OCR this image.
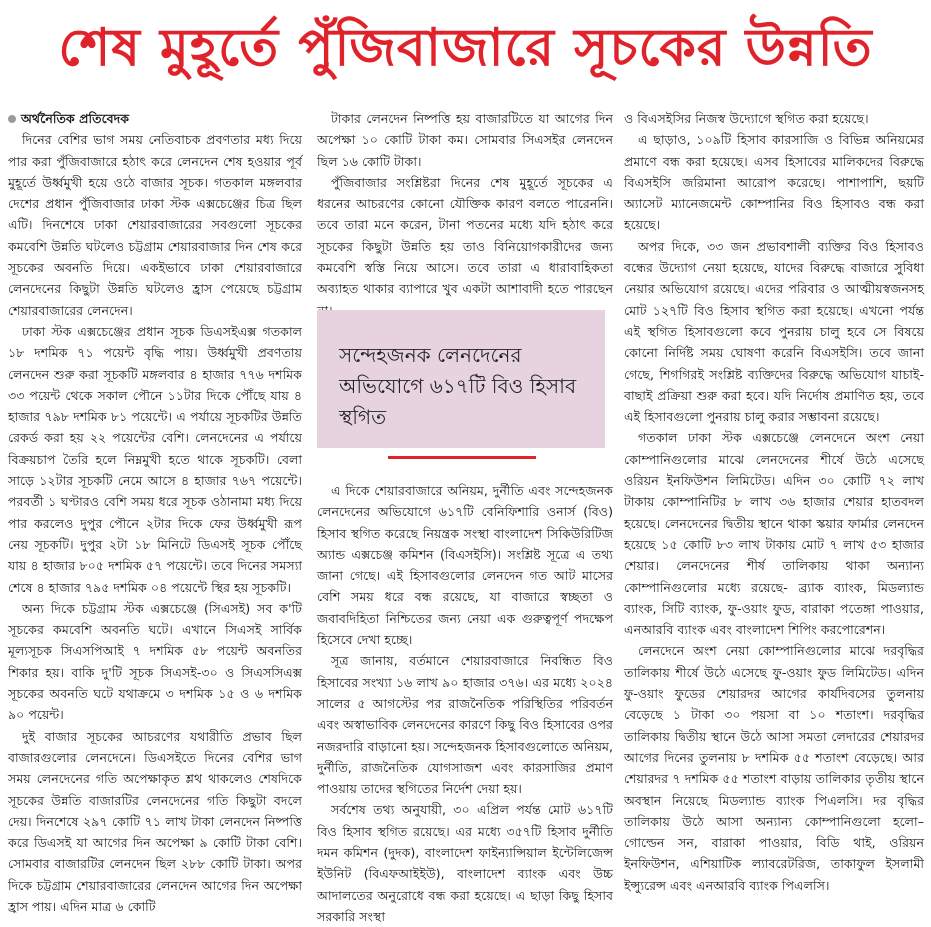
শেষ মুহূর্তে পুঁজিবাজারে সূচকের উন্নতি
অর্থনৈতিক প্রতিবেদক

দিনের বেশির ভাগ সময় নেতিবাচক প্রবণতার মধ্য দিয়ে পার করা পুঁজিবাজারে হঠাৎ করে লেনদেন শেষ হওয়ার পূর্ব মুহূর্তে উর্ধ্বমুখী হয়ে ওঠে বাজার সূচক। গতকাল মঙ্গলবার দেশের প্রধান পুঁজিবাজার ঢাকা স্টক এক্সচেঞ্জের চিত্র ছিল এটি। দিনশেষে ঢাকা শেয়ারবাজারের সবগুলো সূচকের কমবেশি উন্নতি ঘটলেও চট্টগ্রাম শেয়ারবাজার দিন শেষ করে সূচকের অবনতি দিয়ে। একইভাবে ঢাকা শেয়ারবাজারে লেনদেনের কিছুটা উন্নতি ঘটলেও হ্রাস পেয়েছে চট্টগ্রাম শেয়ারবাজারের লেনদেন।

ঢাকা স্টক এক্সচেঞ্জের প্রধান সূচক ডিএসইএক্স গতকাল ১৮ দশমিক ৭১ পয়েন্ট বৃদ্ধি পায়। উর্ধ্বমুখী প্রবণতায় লেনদেন শুরু করা সূচকটি মঙ্গলবার ৪ হাজার ৭৭৬ দশমিক ৩৩ পয়েন্ট থেকে সকাল পৌনে ১১টার দিকে পৌঁছে যায় ৪ হাজার ৭৯৮ দশমিক ৮১ পয়েন্টে। এ পর্যায়ে সূচকটির উন্নতি রেকর্ড করা হয় ২২ পয়েন্টের বেশি। লেনদেনের এ পর্যায়ে বিক্রয়চাপ তৈরি হলে নিম্নমুখী হতে থাকে সূচকটি। বেলা সাড়ে ১২টার সূচকটি নেমে আসে ৪ হাজার ৭৬৭ পয়েন্টে। পরবর্তী ১ ঘণ্টারও বেশি সময় ধরে সূচক ওঠানামা মধ্য দিয়ে পার করলেও দুপুর পৌনে ২টার দিকে ফের উর্ধ্বমুখী রূপ নেয় সূচকটি। দুপুর ২টা ১৮ মিনিটে ডিএসই সূচক পৌঁছে যায় ৪ হাজার ৮০৫ দশমিক ৫৭ পয়েন্টে। তবে দিনের সমস্যা শেষে ৪ হাজার ৭৯৫ দশমিক ০৪ পয়েন্টে স্থির হয় সূচকটি।

অন্য দিকে চট্টগ্রাম স্টক এক্সচেঞ্জে (সিএসই) সব ক'টি সূচকের কমবেশি অবনতি ঘটে। এখানে সিএসই সার্বিক মূল্যসূচক সিএসপিআই ৭ দশমিক ৫৮ পয়েন্ট অবনতির শিকার হয়। বাকি দু'টি সূচক সিএসই-৩০ ও সিএসসিএক্স সূচকের অবনতি ঘটে যথাক্রমে ৩ দশমিক ১৫ ও ৬ দশমিক ৯০ পয়েন্ট।

দুই বাজার সূচকের আচরণের যথারীতি প্রভাব ছিল বাজারগুলোর লেনদেনে। ডিএসইতে দিনের বেশির ভাগ সময় লেনদেনের গতি অপেক্ষাকৃত শ্লথ থাকলেও শেষদিকে সূচকের উন্নতি বাজারটির লেনদেনের গতি কিছুটা বদলে দেয়। দিনশেষে ২৯৭ কোটি ৭১ লাখ টাকা লেনদেন নিষ্পত্তি করে ডিএসই যা আগের দিন অপেক্ষা ৯ কোটি টাকা বেশি। সোমবার বাজারটির লেনদেন ছিল ২৮৮ কোটি টাকা। অপর দিকে চট্টগ্রাম শেয়ারবাজারের লেনদেন আগের দিন অপেক্ষা হ্রাস পায়। এদিন মাত্র ৬ কোটি

টাকার লেনদেন নিষ্পত্তি হয় বাজারটিতে যা আগের দিন অপেক্ষা ১০ কোটি টাকা কম। সোমবার সিএসইর লেনদেন ছিল ১৬ কোটি টাকা।

পুঁজিবাজার সংশ্লিষ্টরা দিনের শেষ মুহূর্তে সূচকের এ ধরনের আচরণের কোনো যৌক্তিক কারণ বলতে পারেননি। তবে তারা মনে করেন, টানা পতনের মধ্যে যদি হঠাৎ করে সূচকের কিছুটা উন্নতি হয় তাও বিনিয়োগকারীদের জন্য কমবেশি স্বস্তি নিয়ে আসে। তবে তারা এ ধারাবাহিকতা অব্যাহত থাকার ব্যাপারে খুব একটা আশাবাদী হতে পারছেন

এ দিকে শেয়ারবাজারে অনিয়ম, দুর্নীতি এবং সন্দেহজনক লেনদেনের অভিযোগে ৬১৭টি বেনিফিশারি ওনার্স (বিও) হিসাব স্থগিত করেছে নিয়ন্ত্রক সংস্থা বাংলাদেশ সিকিউরিটিজ অ্যান্ড এক্সচেঞ্জ কমিশন (বিএসইসি)। সংশ্লিষ্ট সূত্রে এ তথ্য জানা গেছে। এই হিসাবগুলোর লেনদেন গত আট মাসের বেশি সময় ধরে বন্ধ রয়েছে, যা বাজারে স্বচ্ছতা ও জবাবদিহিতা নিশ্চিতের জন্য নেয়া এক গুরুত্বপূর্ণ পদক্ষেপ হিসেবে দেখা হচ্ছে।

সূত্র জানায়, বর্তমানে শেয়ারবাজারে নিবন্ধিত বিও হিসাবের সংখ্যা ১৬ লাখ ৯০ হাজার ৩৭৬। এর মধ্যে ২০২৪ সালের ৫ আগস্টের পর রাজনৈতিক পরিস্থিতির পরিবর্তন এবং অস্বাভাবিক লেনদেনের কারণে কিছু বিও হিসাবের ওপর নজরদারি বাড়ানো হয়। সন্দেহজনক হিসাবগুলোতে অনিয়ম, দুর্নীতি, রাজনৈতিক যোগসাজশ এবং কারসাজির প্রমাণ পাওয়ায় তাদের স্থগিতের নির্দেশ দেয়া হয়।

সর্বশেষ তথ্য অনুযায়ী, ৩০ এপ্রিল পর্যন্ত মোট ৬১৭টি বিও হিসাব স্থগিত রয়েছে। এর মধ্যে ৩৫৭টি হিসাব দুর্নীতি দমন কমিশন (দুদক), বাংলাদেশ ফাইন্যান্সিয়াল ইন্টেলিজেন্স ইউনিট (বিএফআইইউ), বাংলাদেশ ব্যাংক এবং উচ্চ আদালতের অনুরোধে বন্ধ করা হয়েছে। এ ছাড়া কিছু হিসাব সরকারি সংস্থা

সন্দেহজনক লেনদেনের অভিযোগে ৬১৭টি বিও হিসাব স্থগিত

ও বিএসইসির নিজস্ব উদ্যোগে স্থগিত করা হয়েছে।

এ ছাড়াও, ১০৯টি হিসাব কারসাজি ও বিভিন্ন অনিয়মের প্রমাণে বন্ধ করা হয়েছে। এসব হিসাবের মালিকদের বিরুদ্ধে বিএসইসি জরিমানা আরোপ করেছে। পাশাপাশি, ছয়টি অ্যাসেট ম্যানেজমেন্ট কোম্পানির বিও হিসাবও বন্ধ করা হয়েছে।

অপর দিকে, ৩৩ জন প্রভাবশালী ব্যক্তির বিও হিসাবও বন্ধের উদ্যোগ নেয়া হয়েছে, যাদের বিরুদ্ধে বাজারে সুবিধা নেয়ার অভিযোগ রয়েছে। এদের পরিবার ও আত্মীয়স্বজনসহ মোট ১২৭টি বিও হিসাব স্থগিত করা হয়েছে। এখনো পর্যন্ত এই স্থগিত হিসাবগুলো কবে পুনরায় চালু হবে সে বিষয়ে কোনো নির্দিষ্ট সময় ঘোষণা করেনি বিএসইসি। তবে জানা গেছে, শিগগিরই সংশ্লিষ্ট ব্যক্তিদের বিরুদ্ধে অভিযোগ যাচাই-বাছাই প্রক্রিয়া শুরু করা হবে। যদি নির্দোষ প্রমাণিত হয়, তবে এই হিসাবগুলো পুনরায় চালু করার সম্ভাবনা রয়েছে।

গতকাল ঢাকা স্টক এক্সচেঞ্জে লেনদেনে অংশ নেয়া কোম্পানিগুলোর মাঝে লেনদেনের শীর্ষে উঠে এসেছে ওরিয়ন ইনফিউশন লিমিটেড। এদিন ৩০ কোটি ৭২ লাখ টাকায় কোম্পানিটির ৮ লাখ ৩৬ হাজার শেয়ার হাতবদল হয়েছে। লেনদেনের দ্বিতীয় স্থানে থাকা স্কয়ার ফার্মার লেনদেন হয়েছে ১৫ কোটি ৮৩ লাখ টাকায় মোট ৭ লাখ ৫৩ হাজার শেয়ার। লেনদেনের শীর্ষ তালিকায় থাকা অন্যান্য কোম্পানিগুলোর মধ্যে রয়েছে- ব্র্যাক ব্যাংক, মিডল্যান্ড ব্যাংক, সিটি ব্যাংক, ফু-ওয়াং ফুড, বারাকা পতেঙ্গা পাওয়ার, এনআরবি ব্যাংক এবং বাংলাদেশ শিপিং করপোরেশন।

লেনদেনে অংশ নেয়া কোম্পানিগুলোর মাঝে দরবৃদ্ধির তালিকায় শীর্ষে উঠে এসেছে ফু-ওয়াং ফুড লিমিটেড। এদিন ফু-ওয়াং ফুডের শেয়ারদর আগের কার্যদিবসের তুলনায় বেড়েছে ১ টাকা ৩০ পয়সা বা ১০ শতাংশ। দরবৃদ্ধির তালিকায় দ্বিতীয় স্থানে উঠে আসা সমতা লেদারের শেয়ারদর আগের দিনের তুলনায় ৮ দশমিক ৫৫ শতাংশ বেড়েছে। আর শেয়ারদর ৭ দশমিক ৫৫ শতাংশ বাড়ায় তালিকার তৃতীয় স্থানে অবস্থান নিয়েছে মিডল্যান্ড ব্যাংক পিএলসি। দর বৃদ্ধির তালিকায় উঠে আসা অন্যান্য কোম্পানিগুলো হলো– গোল্ডেন সন, বারাকা পাওয়ার, বিডি থাই, ওরিয়ন ইনফিউশন, এশিয়াটিক ল্যাবরেটরিজ, তাকাফুল ইসলামী ইন্স্যুরেন্স এবং এনআরবি ব্যাংক পিএলসি।
